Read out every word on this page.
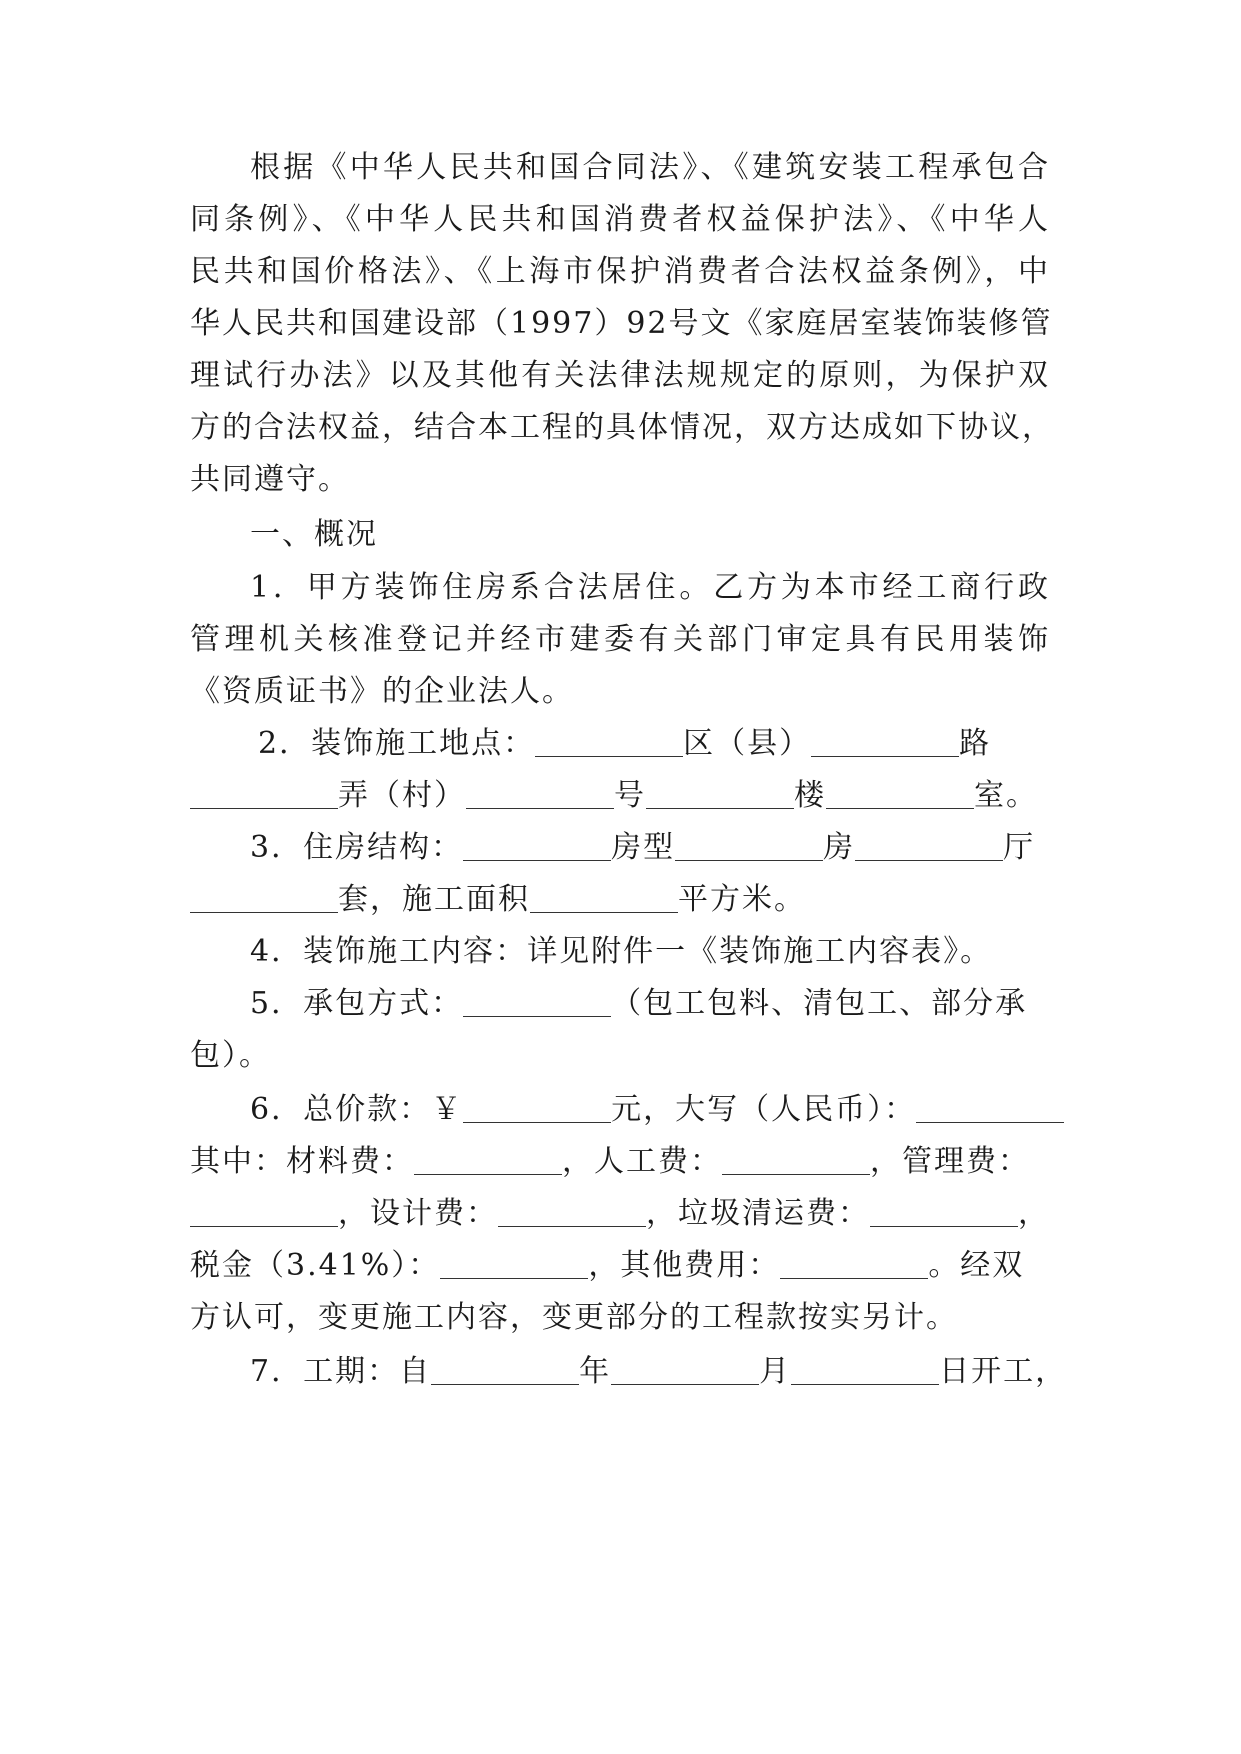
根据《中华人民共和国合同法》、《建筑安装工程承包合
同条例》、《中华人民共和国消费者权益保护法》、《中华人
民共和国价格法》、《上海市保护消费者合法权益条例》，中
华人民共和国建设部（1997）92号文《家庭居室装饰装修管
理试行办法》以及其他有关法律法规规定的原则，为保护双
方的合法权益，结合本工程的具体情况，双方达成如下协议，
共同遵守。
一、概况
1．甲方装饰住房系合法居住。乙方为本市经工商行政
管理机关核准登记并经市建委有关部门审定具有民用装饰
《资质证书》的企业法人。
2．装饰施工地点：	区（县）	路
弄（村）	号	楼	室。
3．住房结构：	房型	房	厅
套，施工面积	平方米。
4．装饰施工内容：详见附件一《装饰施工内容表》。
5．承包方式：	（包工包料、清包工、部分承
包）。
6．总价款：￥	元，大写（人民币）：
其中：材料费：	，人工费：	，管理费：
，设计费：	，垃圾清运费：	，
税金（3.41%）：	，其他费用：	。经双
方认可，变更施工内容，变更部分的工程款按实另计。
7．工期：自	年	月	日开工，
